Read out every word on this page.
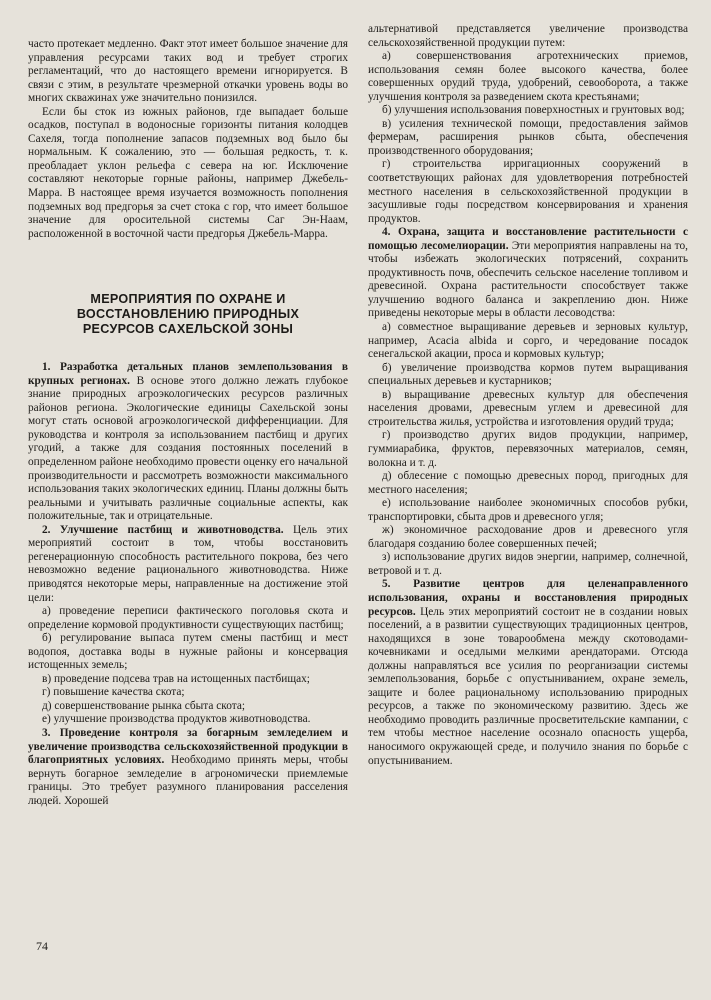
часто протекает медленно. Факт этот имеет большое значение для управления ресурсами таких вод и требует строгих регламентаций, что до настоящего времени игнорируется. В связи с этим, в результате чрезмерной откачки уровень воды во многих скважинах уже значительно понизился.

Если бы сток из южных районов, где выпадает больше осадков, поступал в водоносные горизонты питания колодцев Сахеля, тогда пополнение запасов подземных вод было бы нормальным. К сожалению, это — большая редкость, т. к. преобладает уклон рельефа с севера на юг. Исключение составляют некоторые горные районы, например Джебель-Марра. В настоящее время изучается возможность пополнения подземных вод предгорья за счет стока с гор, что имеет большое значение для оросительной системы Саг Эн-Наам, расположенной в восточной части предгорья Джебель-Марра.

МЕРОПРИЯТИЯ ПО ОХРАНЕ И
ВОССТАНОВЛЕНИЮ ПРИРОДНЫХ
РЕСУРСОВ САХЕЛЬСКОЙ ЗОНЫ

1. Разработка детальных планов землепользования в крупных регионах. В основе этого должно лежать глубокое знание природных агроэкологических ресурсов различных районов региона. Экологические единицы Сахельской зоны могут стать основой агроэкологической дифференциации. Для руководства и контроля за использованием пастбищ и других угодий, а также для создания постоянных поселений в определенном районе необходимо провести оценку его начальной производительности и рассмотреть возможности максимального использования таких экологических единиц. Планы должны быть реальными и учитывать различные социальные аспекты, как положительные, так и отрицательные.

2. Улучшение пастбищ и животноводства. Цель этих мероприятий состоит в том, чтобы восстановить регенерационную способность растительного покрова, без чего невозможно ведение рационального животноводства. Ниже приводятся некоторые меры, направленные на достижение этой цели:

а) проведение переписи фактического поголовья скота и определение кормовой продуктивности существующих пастбищ;

б) регулирование выпаса путем смены пастбищ и мест водопоя, доставка воды в нужные районы и консервация истощенных земель;

в) проведение подсева трав на истощенных пастбищах;

г) повышение качества скота;

д) совершенствование рынка сбыта скота;

е) улучшение производства продуктов животноводства.

3. Проведение контроля за богарным земледелием и увеличение производства сельскохозяйственной продукции в благоприятных условиях. Необходимо принять меры, чтобы вернуть богарное земледелие в агрономически приемлемые границы. Это требует разумного планирования расселения людей. Хорошей

альтернативой представляется увеличение производства сельскохозяйственной продукции путем:

а) совершенствования агротехнических приемов, использования семян более высокого качества, более совершенных орудий труда, удобрений, севооборота, а также улучшения контроля за разведением скота крестьянами;

б) улучшения использования поверхностных и грунтовых вод;

в) усиления технической помощи, предоставления займов фермерам, расширения рынков сбыта, обеспечения производственного оборудования;

г) строительства ирригационных сооружений в соответствующих районах для удовлетворения потребностей местного населения в сельскохозяйственной продукции в засушливые годы посредством консервирования и хранения продуктов.

4. Охрана, защита и восстановление растительности с помощью лесомелиорации. Эти мероприятия направлены на то, чтобы избежать экологических потрясений, сохранить продуктивность почв, обеспечить сельское население топливом и древесиной. Охрана растительности способствует также улучшению водного баланса и закреплению дюн. Ниже приведены некоторые меры в области лесоводства:

а) совместное выращивание деревьев и зерновых культур, например, Acacia albida и сорго, и чередование посадок сенегальской акации, проса и кормовых культур;

б) увеличение производства кормов путем выращивания специальных деревьев и кустарников;

в) выращивание древесных культур для обеспечения населения дровами, древесным углем и древесиной для строительства жилья, устройства и изготовления орудий труда;

г) производство других видов продукции, например, гуммиарабика, фруктов, перевязочных материалов, семян, волокна и т. д.

д) облесение с помощью древесных пород, пригодных для местного населения;

е) использование наиболее экономичных способов рубки, транспортировки, сбыта дров и древесного угля;

ж) экономичное расходование дров и древесного угля благодаря созданию более совершенных печей;

з) использование других видов энергии, например, солнечной, ветровой и т. д.

5. Развитие центров для целенаправленного использования, охраны и восстановления природных ресурсов. Цель этих мероприятий состоит не в создании новых поселений, а в развитии существующих традиционных центров, находящихся в зоне товарообмена между скотоводами-кочевниками и оседлыми мелкими арендаторами. Отсюда должны направляться все усилия по реорганизации системы землепользования, борьбе с опустыниванием, охране земель, защите и более рациональному использованию природных ресурсов, а также по экономическому развитию. Здесь же необходимо проводить различные просветительские кампании, с тем чтобы местное население осознало опасность ущерба, наносимого окружающей среде, и получило знания по борьбе с опустыниванием.

74
